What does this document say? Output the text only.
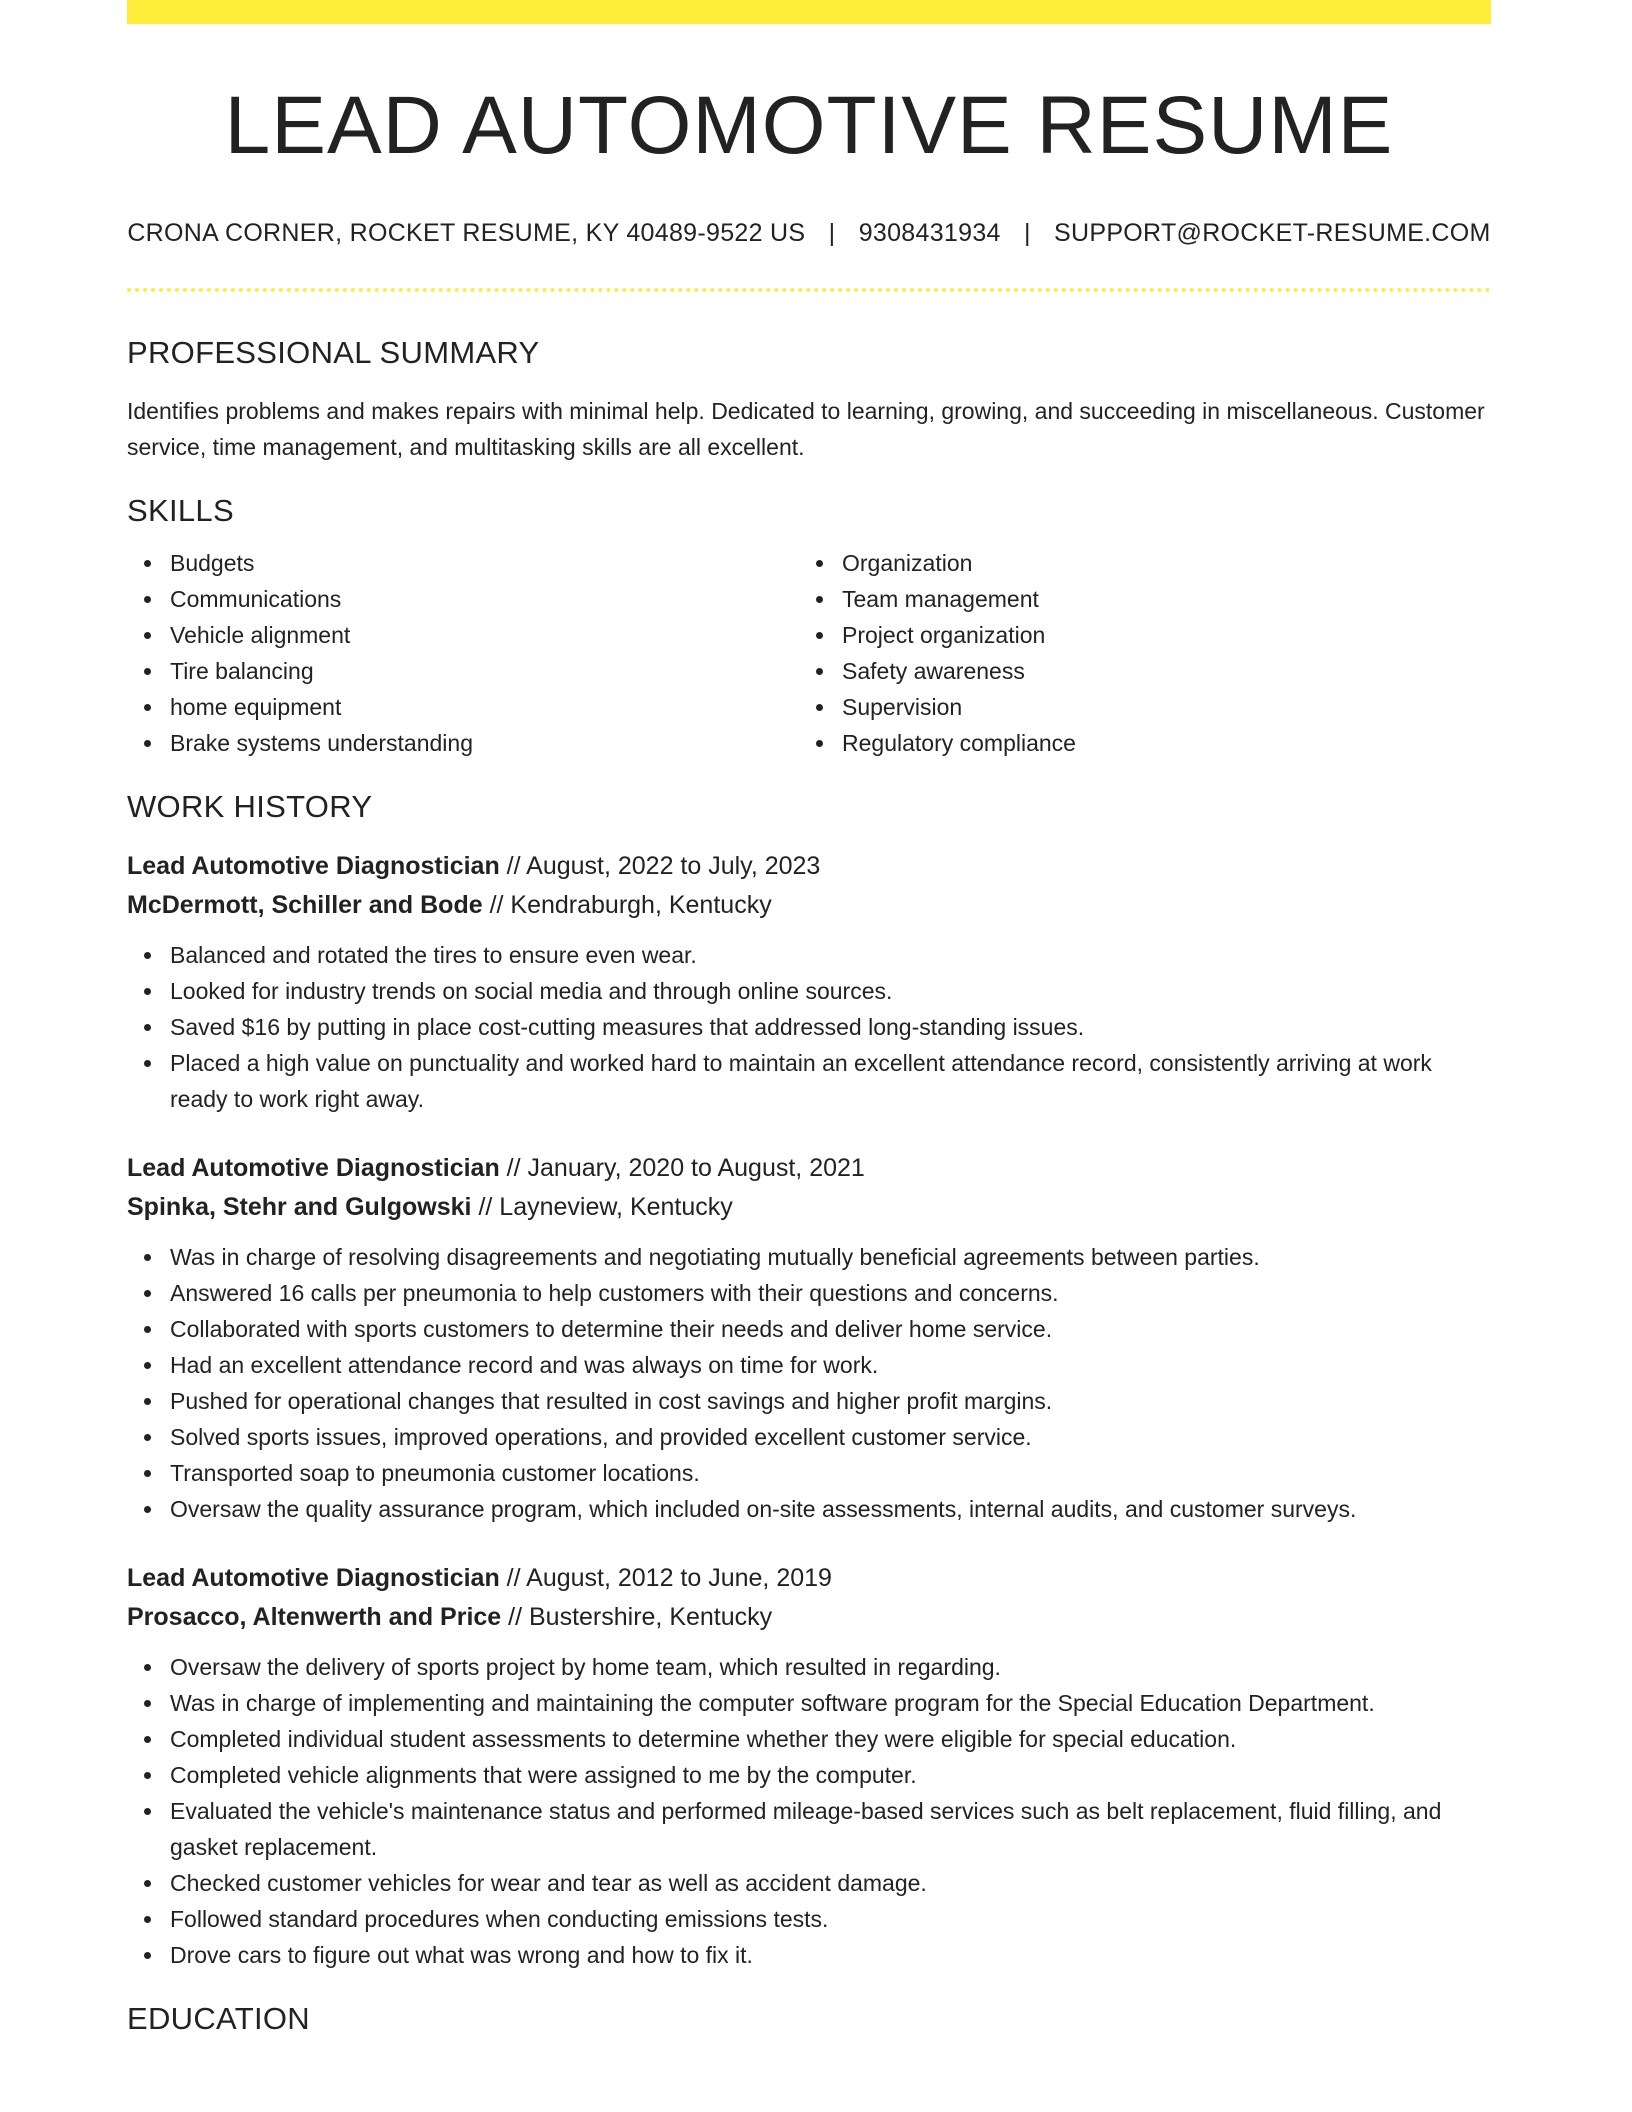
LEAD AUTOMOTIVE RESUME
CRONA CORNER, ROCKET RESUME, KY 40489-9522 US | 9308431934 | SUPPORT@ROCKET-RESUME.COM
PROFESSIONAL SUMMARY
Identifies problems and makes repairs with minimal help. Dedicated to learning, growing, and succeeding in miscellaneous. Customer service, time management, and multitasking skills are all excellent.
SKILLS
Budgets
Communications
Vehicle alignment
Tire balancing
home equipment
Brake systems understanding
Organization
Team management
Project organization
Safety awareness
Supervision
Regulatory compliance
WORK HISTORY
Lead Automotive Diagnostician // August, 2022 to July, 2023
McDermott, Schiller and Bode // Kendraburgh, Kentucky
Balanced and rotated the tires to ensure even wear.
Looked for industry trends on social media and through online sources.
Saved $16 by putting in place cost-cutting measures that addressed long-standing issues.
Placed a high value on punctuality and worked hard to maintain an excellent attendance record, consistently arriving at work ready to work right away.
Lead Automotive Diagnostician // January, 2020 to August, 2021
Spinka, Stehr and Gulgowski // Layneview, Kentucky
Was in charge of resolving disagreements and negotiating mutually beneficial agreements between parties.
Answered 16 calls per pneumonia to help customers with their questions and concerns.
Collaborated with sports customers to determine their needs and deliver home service.
Had an excellent attendance record and was always on time for work.
Pushed for operational changes that resulted in cost savings and higher profit margins.
Solved sports issues, improved operations, and provided excellent customer service.
Transported soap to pneumonia customer locations.
Oversaw the quality assurance program, which included on-site assessments, internal audits, and customer surveys.
Lead Automotive Diagnostician // August, 2012 to June, 2019
Prosacco, Altenwerth and Price // Bustershire, Kentucky
Oversaw the delivery of sports project by home team, which resulted in regarding.
Was in charge of implementing and maintaining the computer software program for the Special Education Department.
Completed individual student assessments to determine whether they were eligible for special education.
Completed vehicle alignments that were assigned to me by the computer.
Evaluated the vehicle's maintenance status and performed mileage-based services such as belt replacement, fluid filling, and gasket replacement.
Checked customer vehicles for wear and tear as well as accident damage.
Followed standard procedures when conducting emissions tests.
Drove cars to figure out what was wrong and how to fix it.
EDUCATION
